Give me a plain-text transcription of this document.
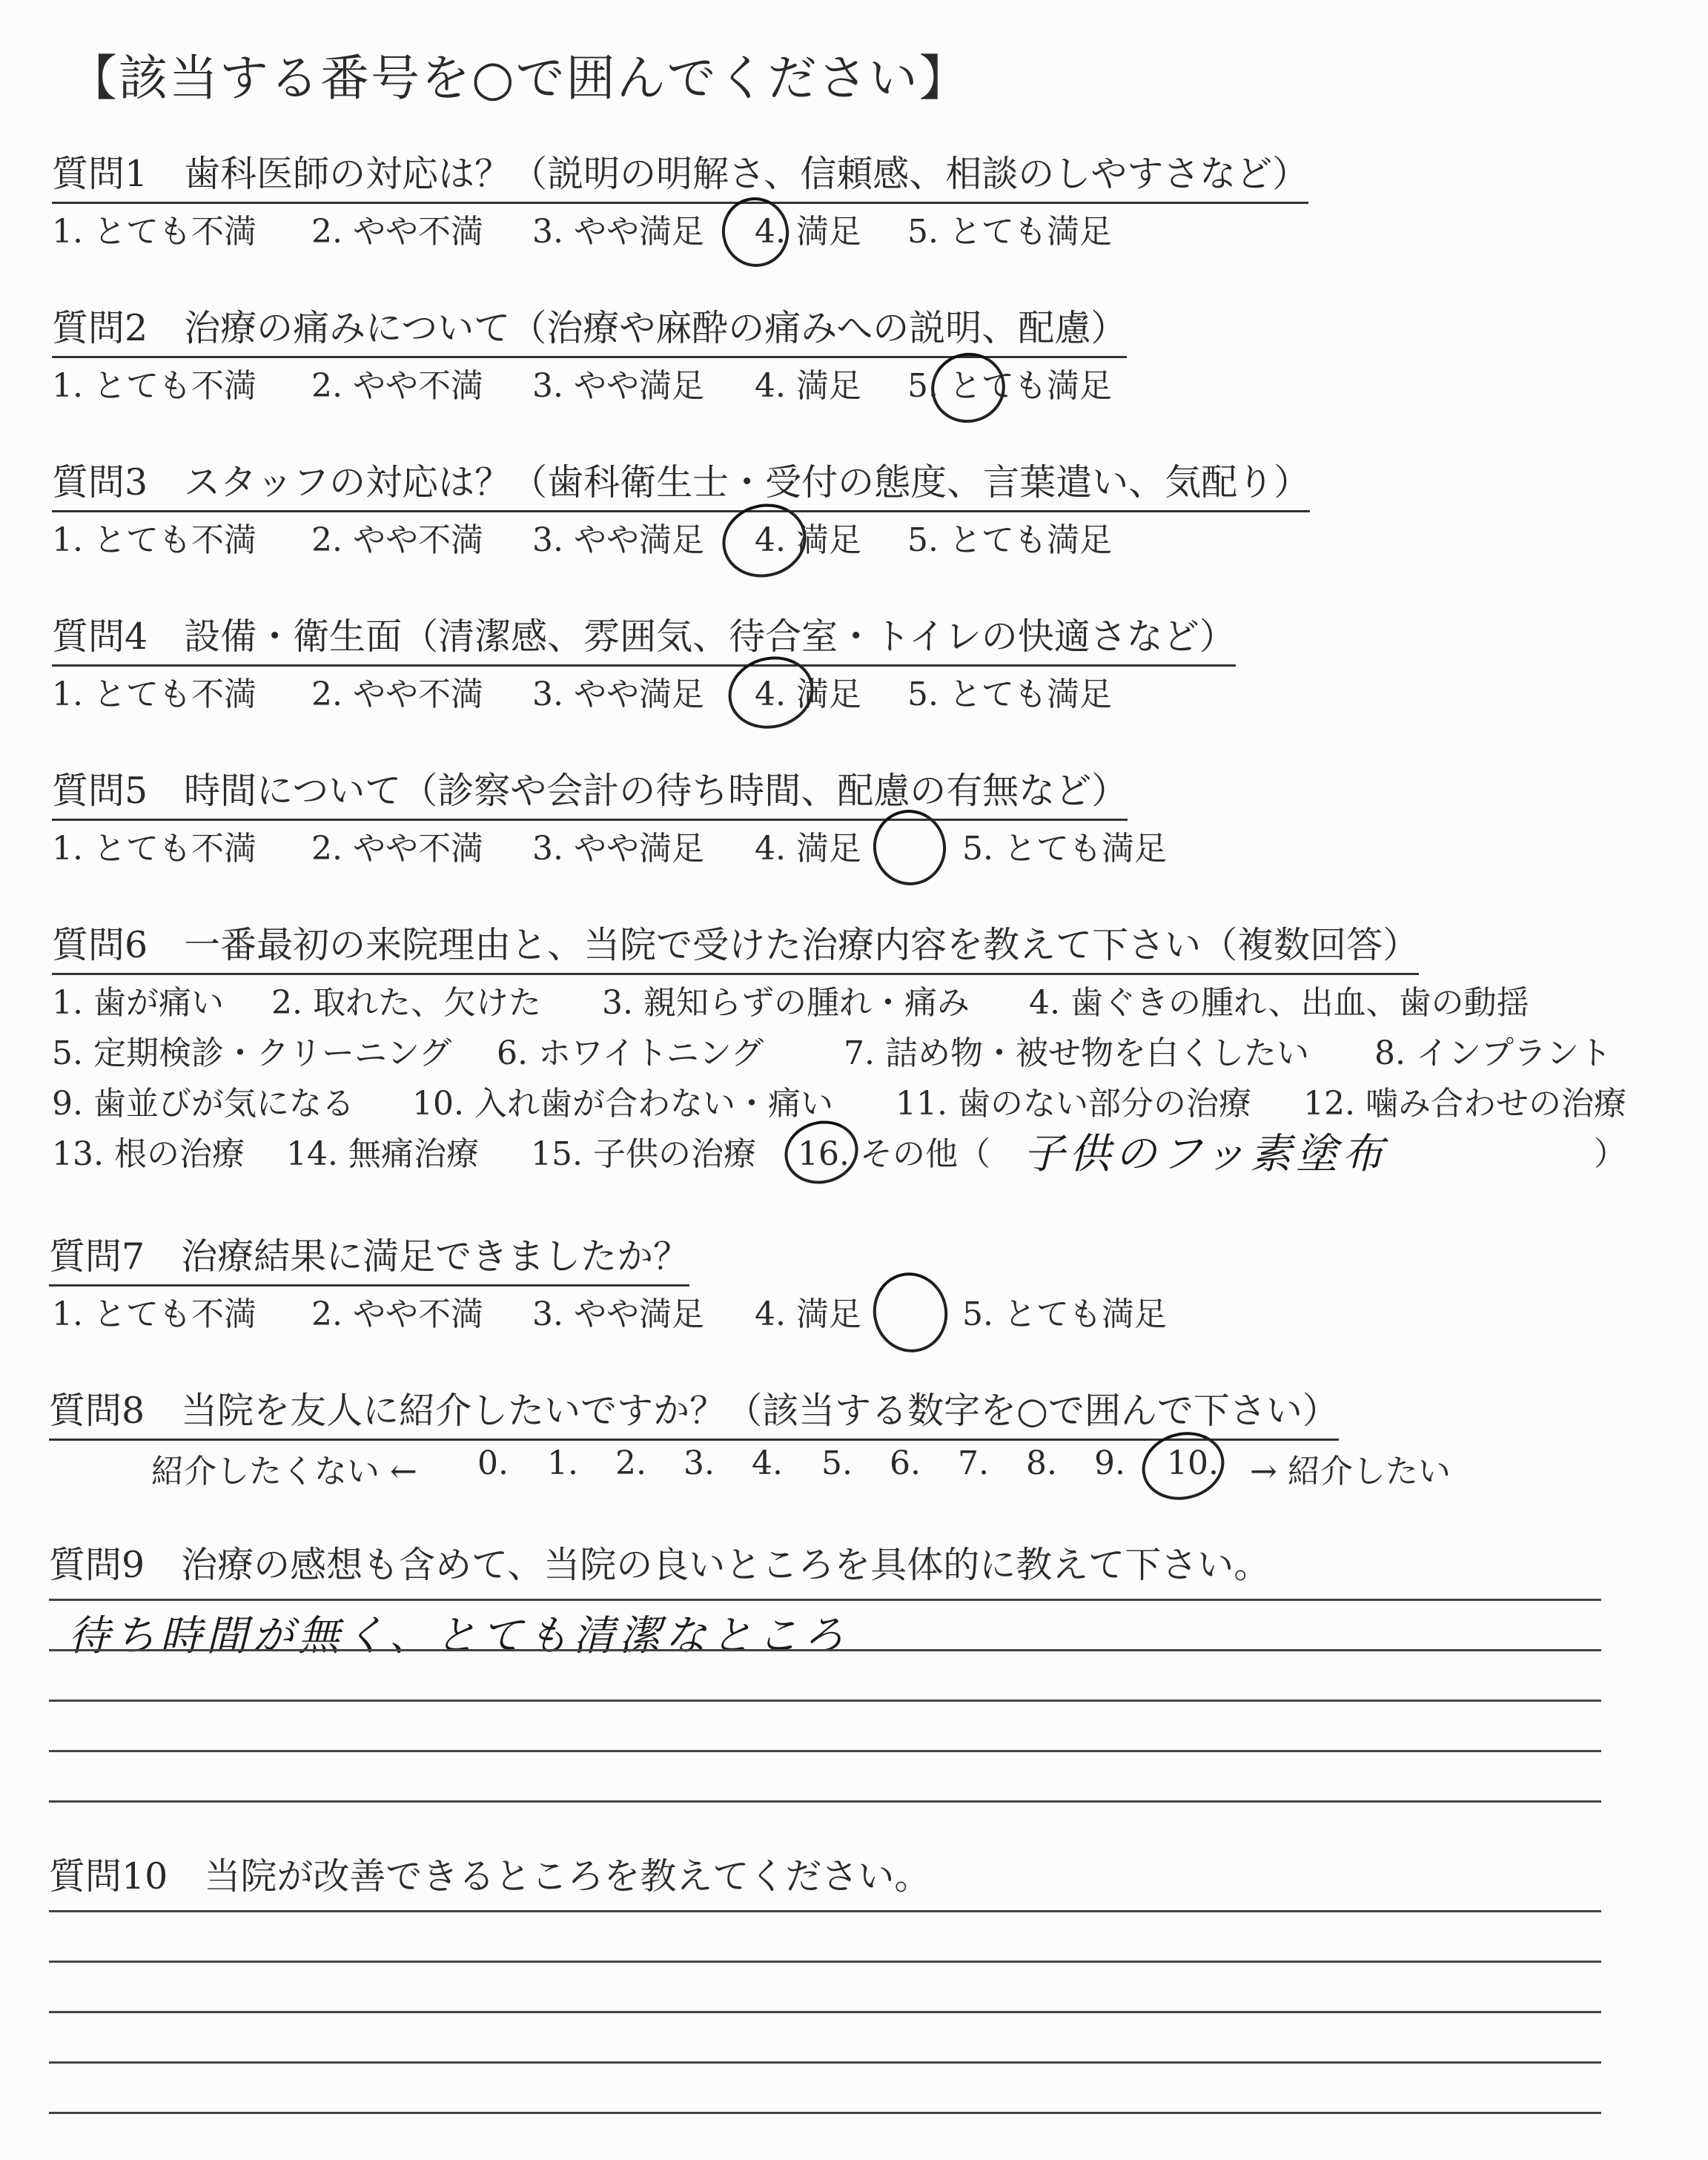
【該当する番号を○で囲んでください】
質問1　歯科医師の対応は？（説明の明解さ、信頼感、相談のしやすさなど）
1. とても不満 2. やや不満 3. やや満足 4. 満足 5. とても満足
質問2　治療の痛みについて（治療や麻酔の痛みへの説明、配慮）
1. とても不満 2. やや不満 3. やや満足 4. 満足 5. とても満足
質問3　スタッフの対応は？（歯科衛生士・受付の態度、言葉遣い、気配り）
1. とても不満 2. やや不満 3. やや満足 4. 満足 5. とても満足
質問4　設備・衛生面（清潔感、雰囲気、待合室・トイレの快適さなど）
1. とても不満 2. やや不満 3. やや満足 4. 満足 5. とても満足
質問5　時間について（診察や会計の待ち時間、配慮の有無など）
1. とても不満 2. やや不満 3. やや満足 4. 満足	5. とても満足
質問6　一番最初の来院理由と、当院で受けた治療内容を教えて下さい（複数回答）
1. 歯が痛い 2. 取れた、欠けた 3. 親知らずの腫れ・痛み 4. 歯ぐきの腫れ、出血、歯の動揺
5. 定期検診・クリーニング 6. ホワイトニング 7. 詰め物・被せ物を白くしたい 8. インプラント
9. 歯並びが気になる 10. 入れ歯が合わない・痛い 11. 歯のない部分の治療 12. 噛み合わせの治療
13. 根の治療 14. 無痛治療 15. 子供の治療 16. その他（	）
子供のフッ素塗布
質問7　治療結果に満足できましたか？
1. とても不満 2. やや不満 3. やや満足 4. 満足	5. とても満足
質問8　当院を友人に紹介したいですか？（該当する数字を○で囲んで下さい）
紹介したくない ← 0. 1. 2. 3. 4. 5. 6. 7. 8. 9. 10. → 紹介したい
質問9　治療の感想も含めて、当院の良いところを具体的に教えて下さい。
待ち時間が無く、とても清潔なところ
質問10　当院が改善できるところを教えてください。
